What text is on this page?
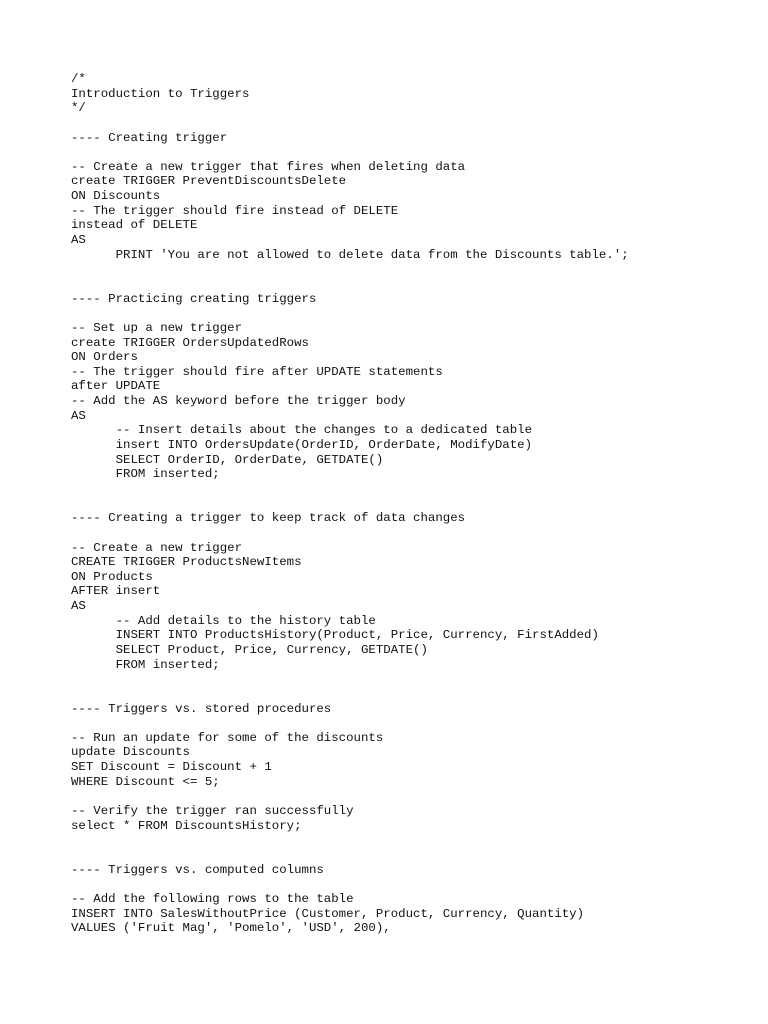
/*
Introduction to Triggers
*/
---- Creating trigger
-- Create a new trigger that fires when deleting data
create TRIGGER PreventDiscountsDelete
ON Discounts
-- The trigger should fire instead of DELETE
instead of DELETE
AS
PRINT 'You are not allowed to delete data from the Discounts table.';
---- Practicing creating triggers
-- Set up a new trigger
create TRIGGER OrdersUpdatedRows
ON Orders
-- The trigger should fire after UPDATE statements
after UPDATE
-- Add the AS keyword before the trigger body
AS
-- Insert details about the changes to a dedicated table
insert INTO OrdersUpdate(OrderID, OrderDate, ModifyDate)
SELECT OrderID, OrderDate, GETDATE()
FROM inserted;
---- Creating a trigger to keep track of data changes
-- Create a new trigger
CREATE TRIGGER ProductsNewItems
ON Products
AFTER insert
AS
-- Add details to the history table
INSERT INTO ProductsHistory(Product, Price, Currency, FirstAdded)
SELECT Product, Price, Currency, GETDATE()
FROM inserted;
---- Triggers vs. stored procedures
-- Run an update for some of the discounts
update Discounts
SET Discount = Discount + 1
WHERE Discount <= 5;
-- Verify the trigger ran successfully
select * FROM DiscountsHistory;
---- Triggers vs. computed columns
-- Add the following rows to the table
INSERT INTO SalesWithoutPrice (Customer, Product, Currency, Quantity)
VALUES ('Fruit Mag', 'Pomelo', 'USD', 200),
